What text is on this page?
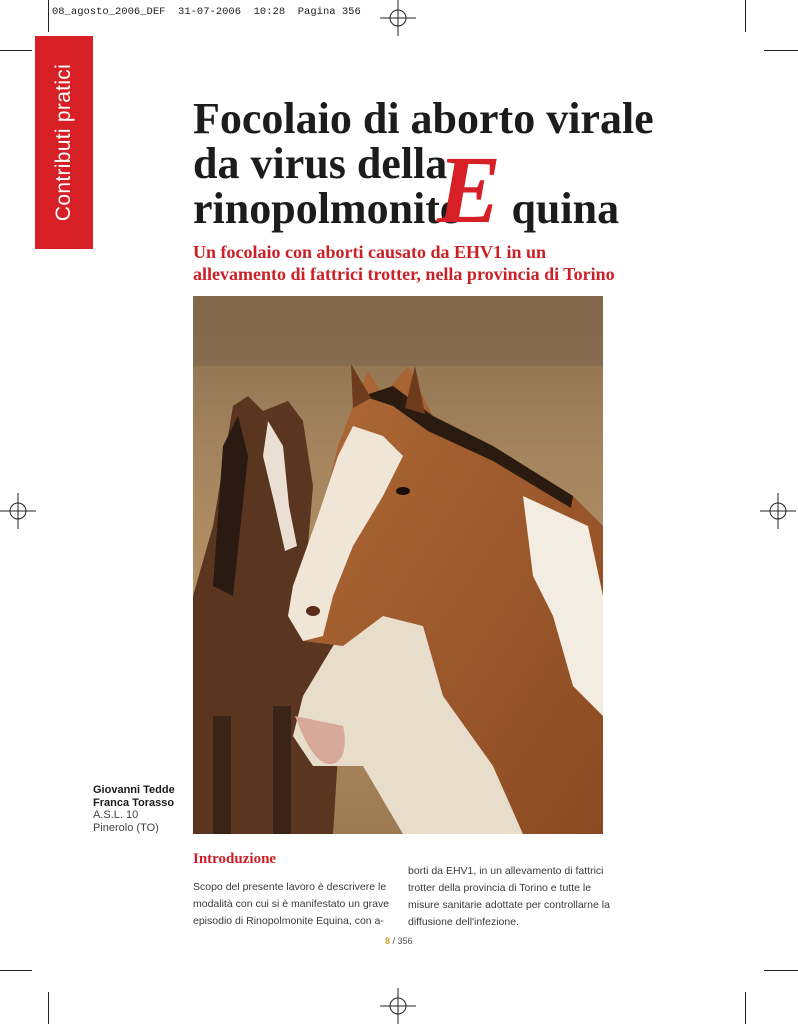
08_agosto_2006_DEF  31-07-2006  10:28  Pagina 356
Contributi pratici	Focolaio di aborto virale
da virus della
rinopolmonite quina
E
Un focolaio con aborti causato da EHV1 in un
allevamento di fattrici trotter, nella provincia di Torino
Giovanni Tedde
Franca Torasso
A.S.L. 10
Pinerolo (TO)
Introduzione
Scopo del presente lavoro è descrivere le
modalità con cui si è manifestato un grave
episodio di Rinopolmonite Equina, con a-
borti da EHV1, in un allevamento di fattrici
trotter della provincia di Torino e tutte le
misure sanitarie adottate per controllarne la
diffusione dell'infezione.
8 / 356
